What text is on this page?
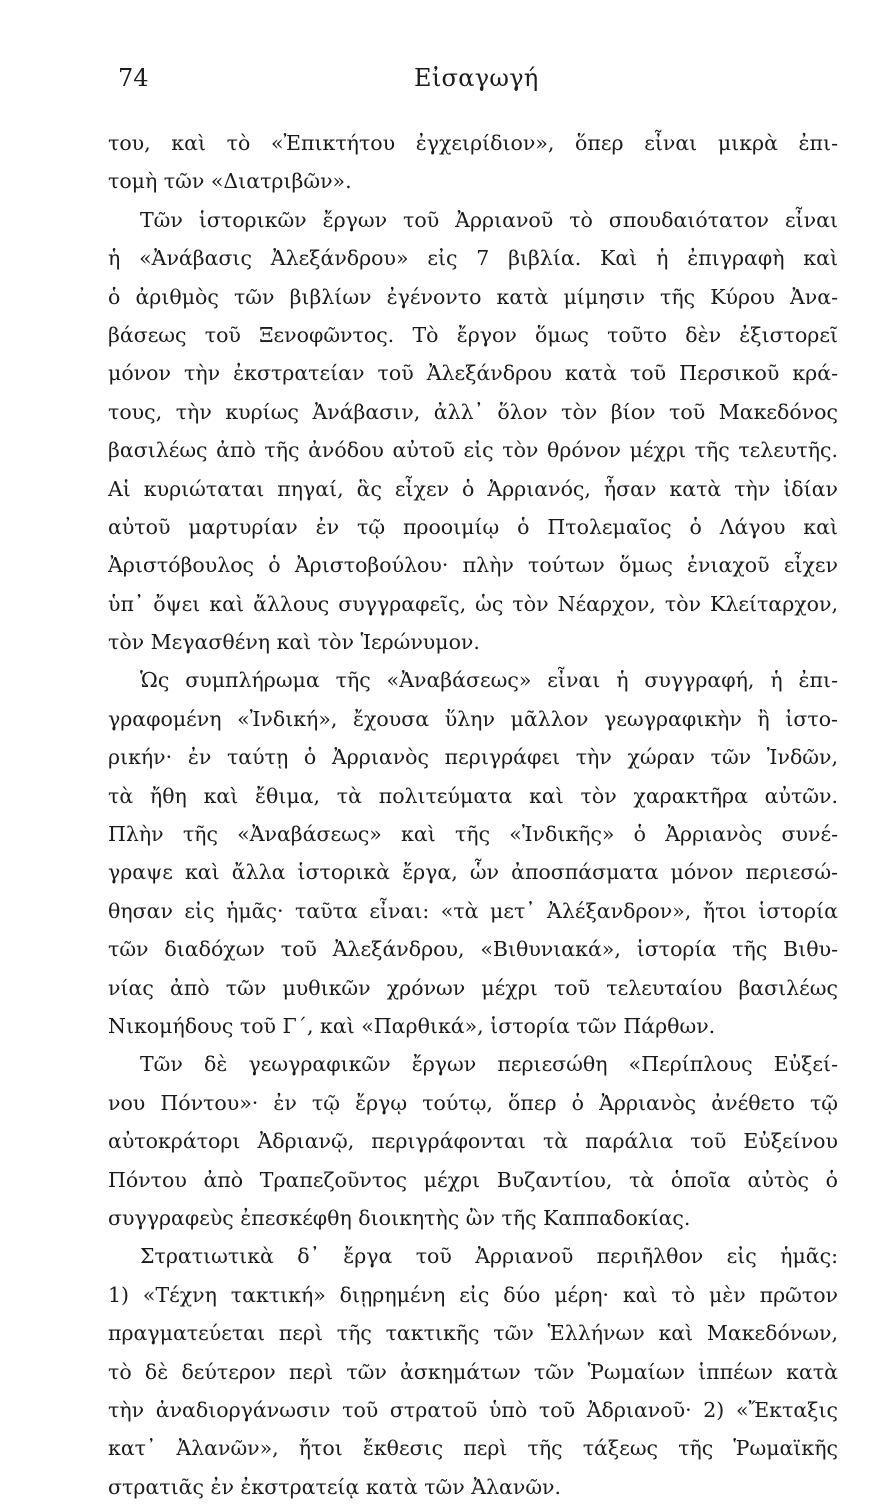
74	Εἰσαγωγή
του, καὶ τὸ «Ἐπικτήτου ἐγχειρίδιον», ὅπερ εἶναι μικρὰ ἐπι-
τομὴ τῶν «Διατριβῶν».
Τῶν ἱστορικῶν ἔργων τοῦ Ἀρριανοῦ τὸ σπουδαιότατον εἶναι
ἡ «Ἀνάβασις Ἀλεξάνδρου» εἰς 7 βιβλία. Καὶ ἡ ἐπιγραφὴ καὶ
ὁ ἀριθμὸς τῶν βιβλίων ἐγένοντο κατὰ μίμησιν τῆς Κύρου Ἀνα-
βάσεως τοῦ Ξενοφῶντος. Τὸ ἔργον ὅμως τοῦτο δὲν ἐξιστορεῖ
μόνον τὴν ἐκστρατείαν τοῦ Ἀλεξάνδρου κατὰ τοῦ Περσικοῦ κρά-
τους, τὴν κυρίως Ἀνάβασιν, ἀλλ᾿ ὅλον τὸν βίον τοῦ Μακεδόνος
βασιλέως ἀπὸ τῆς ἀνόδου αὐτοῦ εἰς τὸν θρόνον μέχρι τῆς τελευτῆς.
Αἱ κυριώταται πηγαί, ἃς εἶχεν ὁ Ἀρριανός, ἦσαν κατὰ τὴν ἰδίαν
αὐτοῦ μαρτυρίαν ἐν τῷ προοιμίῳ ὁ Πτολεμαῖος ὁ Λάγου καὶ
Ἀριστόβουλος ὁ Ἀριστοβούλου· πλὴν τούτων ὅμως ἐνιαχοῦ εἶχεν
ὑπ᾿ ὄψει καὶ ἄλλους συγγραφεῖς, ὡς τὸν Νέαρχον, τὸν Κλείταρχον,
τὸν Μεγασθένη καὶ τὸν Ἱερώνυμον.
Ὡς συμπλήρωμα τῆς «Ἀναβάσεως» εἶναι ἡ συγγραφή, ἡ ἐπι-
γραφομένη «Ἰνδική», ἔχουσα ὕλην μᾶλλον γεωγραφικὴν ἢ ἱστο-
ρικήν· ἐν ταύτῃ ὁ Ἀρριανὸς περιγράφει τὴν χώραν τῶν Ἰνδῶν,
τὰ ἤθη καὶ ἔθιμα, τὰ πολιτεύματα καὶ τὸν χαρακτῆρα αὐτῶν.
Πλὴν τῆς «Ἀναβάσεως» καὶ τῆς «Ἰνδικῆς» ὁ Ἀρριανὸς συνέ-
γραψε καὶ ἄλλα ἱστορικὰ ἔργα, ὧν ἀποσπάσματα μόνον περιεσώ-
θησαν εἰς ἡμᾶς· ταῦτα εἶναι: «τὰ μετ᾿ Ἀλέξανδρον», ἤτοι ἱστορία
τῶν διαδόχων τοῦ Ἀλεξάνδρου, «Βιθυνιακά», ἱστορία τῆς Βιθυ-
νίας ἀπὸ τῶν μυθικῶν χρόνων μέχρι τοῦ τελευταίου βασιλέως
Νικομήδους τοῦ Γ΄, καὶ «Παρθικά», ἱστορία τῶν Πάρθων.
Τῶν δὲ γεωγραφικῶν ἔργων περιεσώθη «Περίπλους Εὐξεί-
νου Πόντου»· ἐν τῷ ἔργῳ τούτῳ, ὅπερ ὁ Ἀρριανὸς ἀνέθετο τῷ
αὐτοκράτορι Ἀδριανῷ, περιγράφονται τὰ παράλια τοῦ Εὐξείνου
Πόντου ἀπὸ Τραπεζοῦντος μέχρι Βυζαντίου, τὰ ὁποῖα αὐτὸς ὁ
συγγραφεὺς ἐπεσκέφθη διοικητὴς ὢν τῆς Καππαδοκίας.
Στρατιωτικὰ δ᾿ ἔργα τοῦ Ἀρριανοῦ περιῆλθον εἰς ἡμᾶς:
1) «Τέχνη τακτική» διῃρημένη εἰς δύο μέρη· καὶ τὸ μὲν πρῶτον
πραγματεύεται περὶ τῆς τακτικῆς τῶν Ἑλλήνων καὶ Μακεδόνων,
τὸ δὲ δεύτερον περὶ τῶν ἀσκημάτων τῶν Ῥωμαίων ἱππέων κατὰ
τὴν ἀναδιοργάνωσιν τοῦ στρατοῦ ὑπὸ τοῦ Ἀδριανοῦ· 2) «Ἔκταξις
κατ᾿ Ἀλανῶν», ἤτοι ἔκθεσις περὶ τῆς τάξεως τῆς Ῥωμαϊκῆς
στρατιᾶς ἐν ἐκστρατείᾳ κατὰ τῶν Ἀλανῶν.
